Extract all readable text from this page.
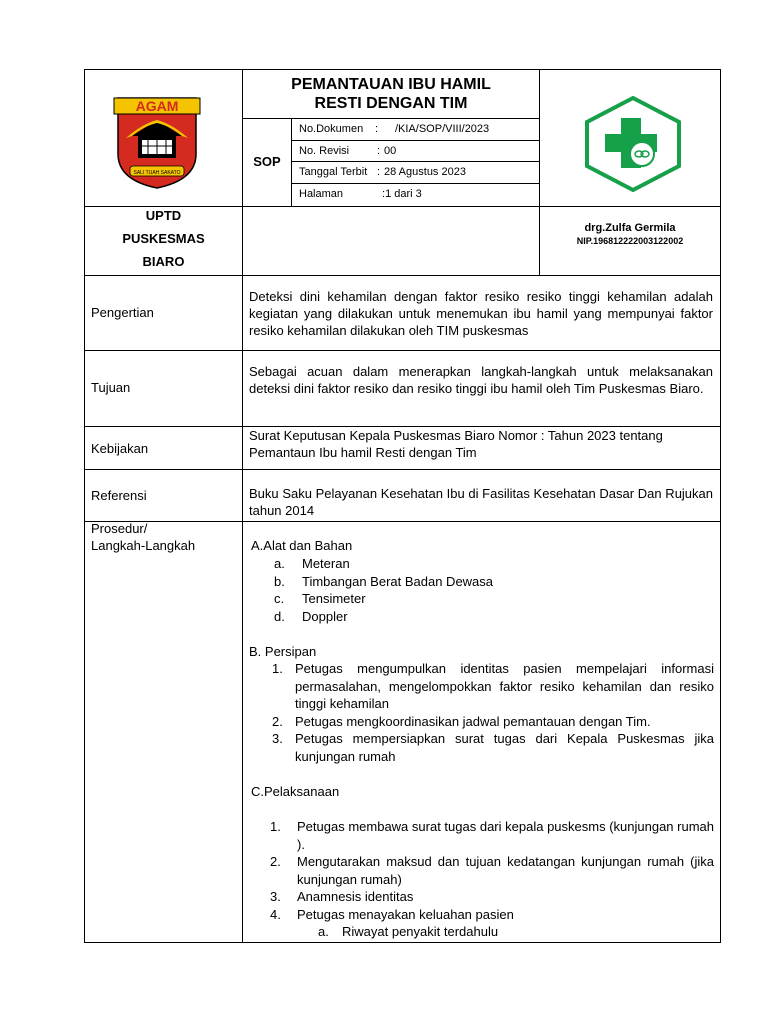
AGAM
SALI TUAH SAKATO
PEMANTAUAN IBU HAMIL
RESTI DENGAN TIM
SOP
No.Dokumen : /KIA/SOP/VIII/2023
No. Revisi	: 00
Tanggal Terbit : 28 Agustus 2023
Halaman	:1 dari 3
UPTD
PUSKESMAS
BIARO
drg.Zulfa Germila
NIP.196812222003122002
Pengertian
Deteksi dini kehamilan dengan faktor resiko resiko tinggi kehamilan adalah kegiatan yang dilakukan untuk menemukan ibu hamil yang mempunyai faktor resiko kehamilan dilakukan oleh TIM puskesmas
Tujuan
Sebagai acuan dalam menerapkan langkah-langkah untuk melaksanakan deteksi dini faktor resiko dan resiko tinggi ibu hamil oleh Tim Puskesmas Biaro.
Kebijakan
Surat Keputusan Kepala Puskesmas Biaro Nomor : Tahun 2023 tentang Pemantaun Ibu hamil Resti dengan Tim
Referensi	Buku Saku Pelayanan Kesehatan Ibu di Fasilitas Kesehatan Dasar Dan Rujukan tahun 2014
Prosedur/
Langkah-Langkah	A.Alat dan Bahan
a. Meteran
b. Timbangan Berat Badan Dewasa
c. Tensimeter
d. Doppler
B. Persipan
1. Petugas mengumpulkan identitas pasien mempelajari informasi permasalahan, mengelompokkan faktor resiko kehamilan dan resiko tinggi kehamilan
2. Petugas mengkoordinasikan jadwal pemantauan dengan Tim.
3. Petugas mempersiapkan surat tugas dari Kepala Puskesmas jika kunjungan rumah
C.Pelaksanaan
1. Petugas membawa surat tugas dari kepala puskesms (kunjungan rumah ).
2. Mengutarakan maksud dan tujuan kedatangan kunjungan rumah (jika kunjungan rumah)
3. Anamnesis identitas
4. Petugas menayakan keluahan pasien
a. Riwayat penyakit terdahulu
